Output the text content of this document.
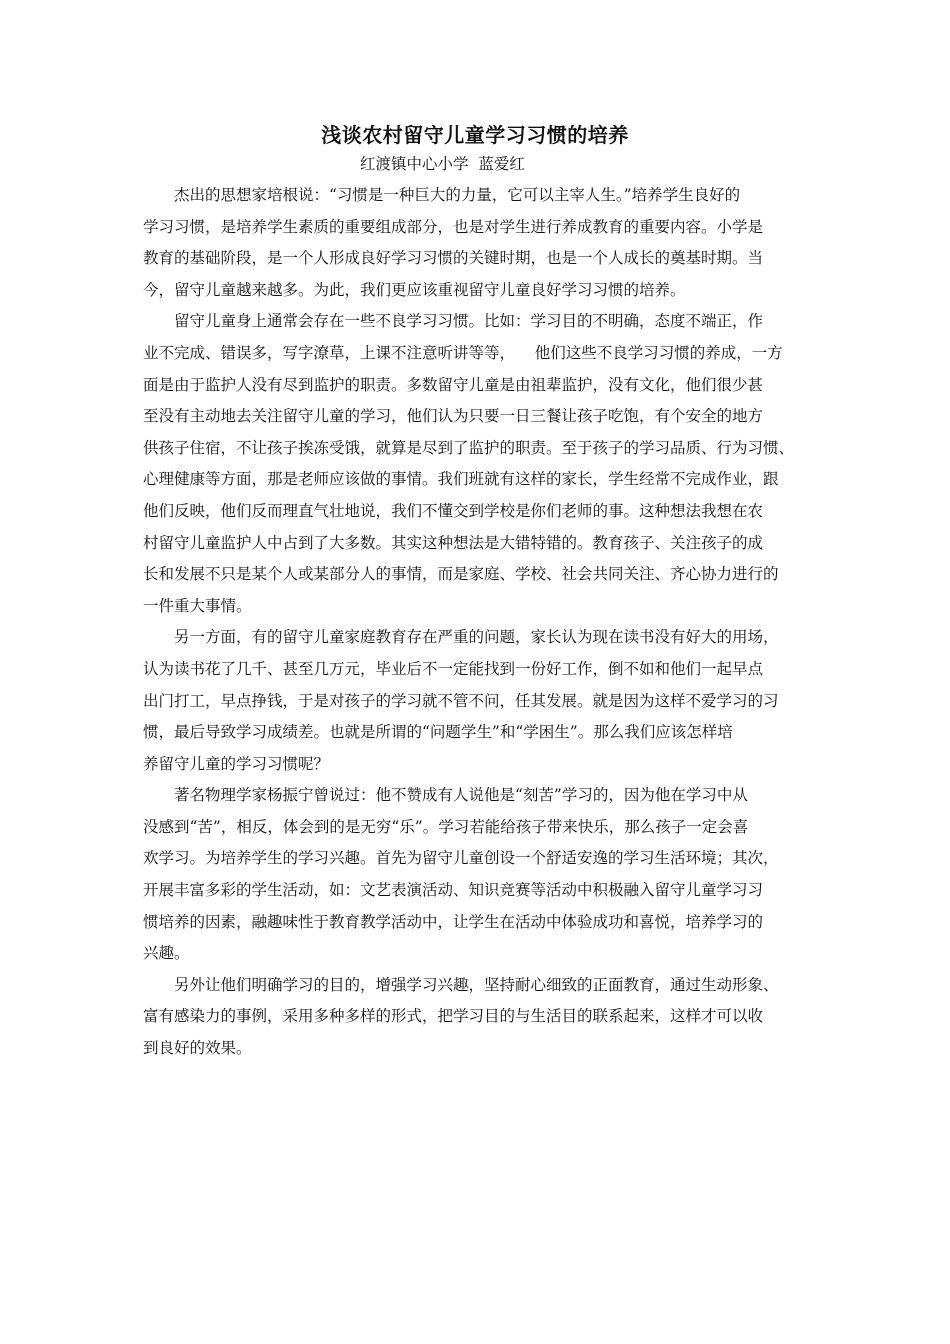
浅谈农村留守儿童学习习惯的培养
红渡镇中心小学  蓝爱红

杰出的思想家培根说：“习惯是一种巨大的力量，它可以主宰人生。”培养学生良好的
学习习惯，是培养学生素质的重要组成部分，也是对学生进行养成教育的重要内容。小学是
教育的基础阶段，是一个人形成良好学习习惯的关键时期，也是一个人成长的奠基时期。当
今，留守儿童越来越多。为此，我们更应该重视留守儿童良好学习习惯的培养。

留守儿童身上通常会存在一些不良学习习惯。比如：学习目的不明确，态度不端正，作
业不完成、错误多，写字潦草，上课不注意听讲等等，    他们这些不良学习习惯的养成，一方
面是由于监护人没有尽到监护的职责。多数留守儿童是由祖辈监护，没有文化，他们很少甚
至没有主动地去关注留守儿童的学习，他们认为只要一日三餐让孩子吃饱，有个安全的地方
供孩子住宿，不让孩子挨冻受饿，就算是尽到了监护的职责。至于孩子的学习品质、行为习惯、
心理健康等方面，那是老师应该做的事情。我们班就有这样的家长，学生经常不完成作业，跟
他们反映，他们反而理直气壮地说，我们不懂交到学校是你们老师的事。这种想法我想在农
村留守儿童监护人中占到了大多数。其实这种想法是大错特错的。教育孩子、关注孩子的成
长和发展不只是某个人或某部分人的事情，而是家庭、学校、社会共同关注、齐心协力进行的
一件重大事情。

另一方面，有的留守儿童家庭教育存在严重的问题，家长认为现在读书没有好大的用场，
认为读书花了几千、甚至几万元，毕业后不一定能找到一份好工作，倒不如和他们一起早点
出门打工，早点挣钱，于是对孩子的学习就不管不问，任其发展。就是因为这样不爱学习的习
惯，最后导致学习成绩差。也就是所谓的“问题学生”和“学困生”。那么我们应该怎样培
养留守儿童的学习习惯呢？

著名物理学家杨振宁曾说过：他不赞成有人说他是“刻苦”学习的，因为他在学习中从
没感到“苦”，相反，体会到的是无穷“乐”。学习若能给孩子带来快乐，那么孩子一定会喜
欢学习。为培养学生的学习兴趣。首先为留守儿童创设一个舒适安逸的学习生活环境；其次，
开展丰富多彩的学生活动，如：文艺表演活动、知识竞赛等活动中积极融入留守儿童学习习
惯培养的因素，融趣味性于教育教学活动中，让学生在活动中体验成功和喜悦，培养学习的
兴趣。

另外让他们明确学习的目的，增强学习兴趣，坚持耐心细致的正面教育，通过生动形象、
富有感染力的事例，采用多种多样的形式，把学习目的与生活目的联系起来，这样才可以收
到良好的效果。
